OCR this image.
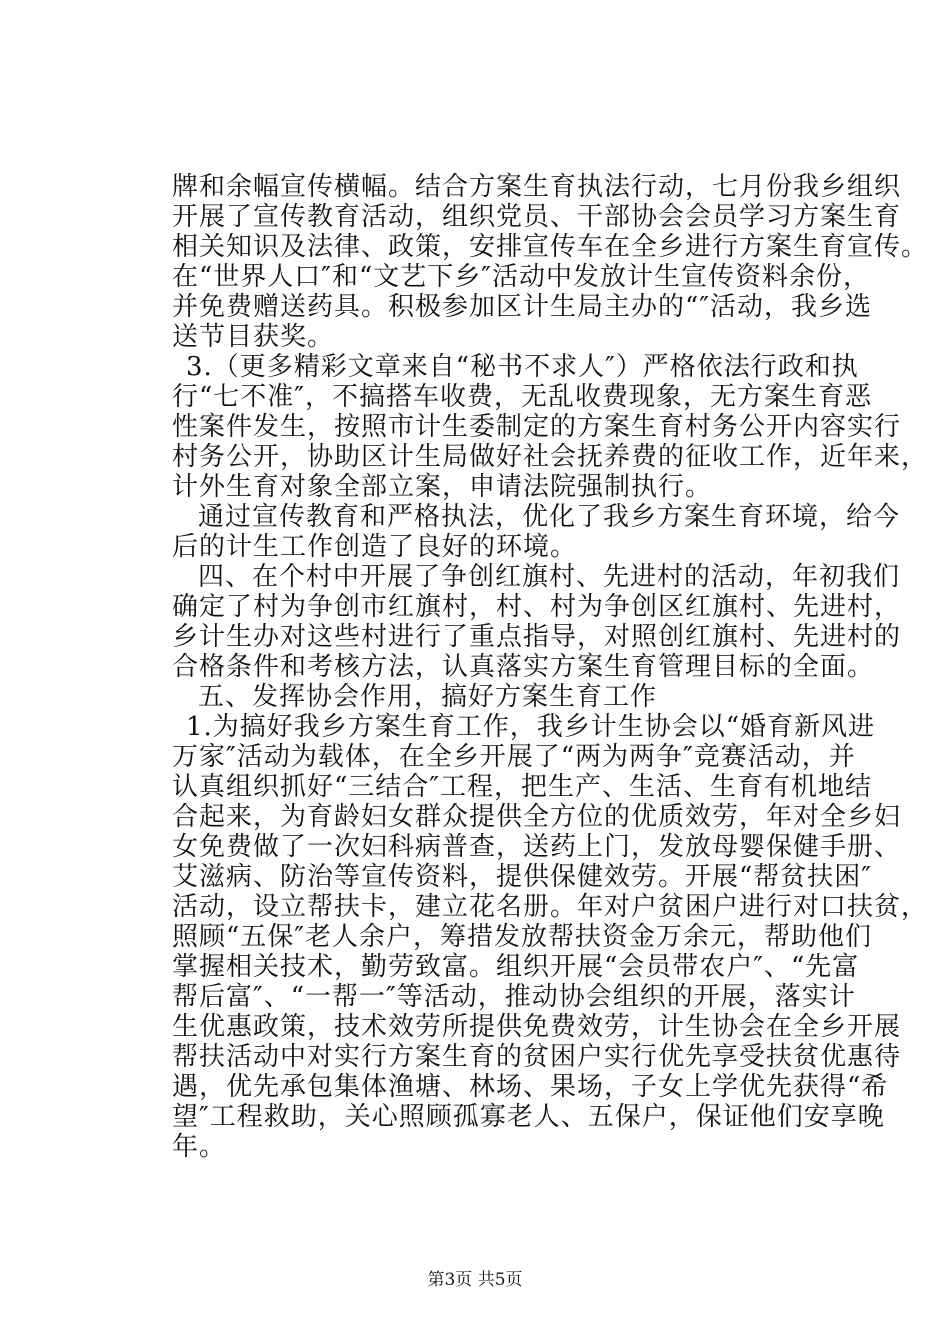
牌和余幅宣传横幅。结合方案生育执法行动，七月份我乡组织
开展了宣传教育活动，组织党员、干部协会会员学习方案生育
相关知识及法律、政策，安排宣传车在全乡进行方案生育宣传。
在“世界人口″和“文艺下乡″活动中发放计生宣传资料余份，
并免费赠送药具。积极参加区计生局主办的“″活动，我乡选
送节目获奖。
3.（更多精彩文章来自“秘书不求人″）严格依法行政和执
行“七不准″，不搞搭车收费，无乱收费现象，无方案生育恶
性案件发生，按照市计生委制定的方案生育村务公开内容实行
村务公开，协助区计生局做好社会抚养费的征收工作，近年来，
计外生育对象全部立案，申请法院强制执行。
通过宣传教育和严格执法，优化了我乡方案生育环境，给今
后的计生工作创造了良好的环境。
四、在个村中开展了争创红旗村、先进村的活动，年初我们
确定了村为争创市红旗村，村、村为争创区红旗村、先进村，
乡计生办对这些村进行了重点指导，对照创红旗村、先进村的
合格条件和考核方法，认真落实方案生育管理目标的全面。
五、发挥协会作用，搞好方案生育工作
1.为搞好我乡方案生育工作，我乡计生协会以“婚育新风进
万家″活动为载体，在全乡开展了“两为两争″竞赛活动，并
认真组织抓好“三结合″工程，把生产、生活、生育有机地结
合起来，为育龄妇女群众提供全方位的优质效劳，年对全乡妇
女免费做了一次妇科病普查，送药上门，发放母婴保健手册、
艾滋病、防治等宣传资料，提供保健效劳。开展“帮贫扶困″
活动，设立帮扶卡，建立花名册。年对户贫困户进行对口扶贫，
照顾“五保″老人余户，筹措发放帮扶资金万余元，帮助他们
掌握相关技术，勤劳致富。组织开展“会员带农户″、“先富
帮后富″、“一帮一″等活动，推动协会组织的开展，落实计
生优惠政策，技术效劳所提供免费效劳，计生协会在全乡开展
帮扶活动中对实行方案生育的贫困户实行优先享受扶贫优惠待
遇，优先承包集体渔塘、林场、果场，子女上学优先获得“希
望″工程救助，关心照顾孤寡老人、五保户，保证他们安享晚
年。
第3页 共5页
